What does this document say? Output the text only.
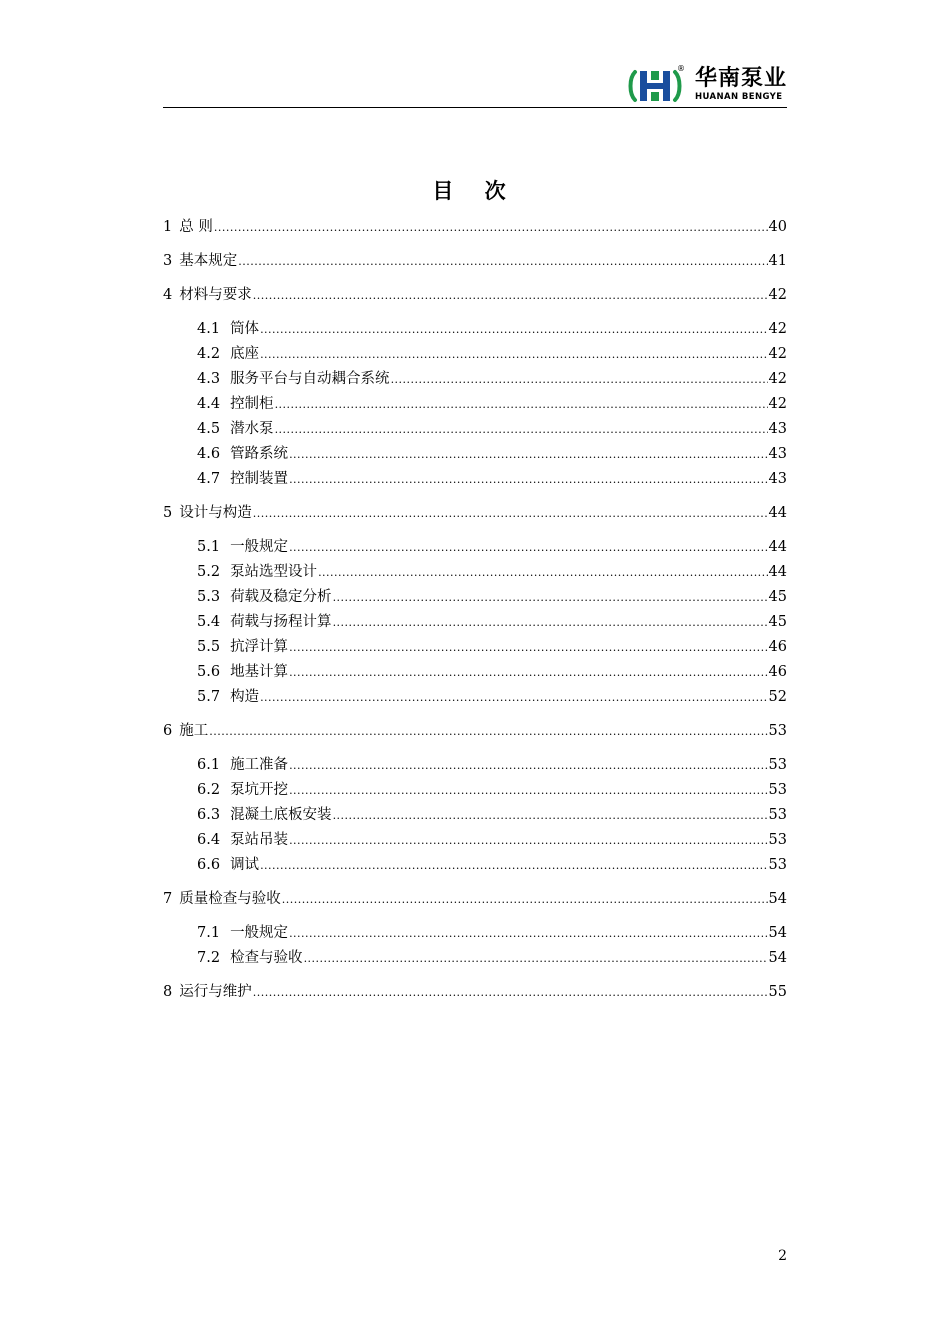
® 华南泵业
HUANAN BENGYE
目 次
1 总 则 .....	40
3 基本规定 .....	41
4 材料与要求 .....	42
4.1 筒体 .....	42
4.2 底座 .....	42
4.3 服务平台与自动耦合系统 .....	42
4.4 控制柜 .....	42
4.5 潜水泵 .....	43
4.6 管路系统 .....	43
4.7 控制装置 .....	43
5 设计与构造 .....	44
5.1 一般规定 .....	44
5.2 泵站选型设计 .....	44
5.3 荷载及稳定分析 .....	45
5.4 荷载与扬程计算 .....	45
5.5 抗浮计算 .....	46
5.6 地基计算 .....	46
5.7 构造 .....	52
6 施工 .....	53
6.1 施工准备 .....	53
6.2 泵坑开挖 .....	53
6.3 混凝土底板安装 .....	53
6.4 泵站吊装 .....	53
6.6 调试 .....	53
7 质量检查与验收 .....	54
7.1 一般规定 .....	54
7.2 检查与验收 .....	54
8 运行与维护 .....	55
2
